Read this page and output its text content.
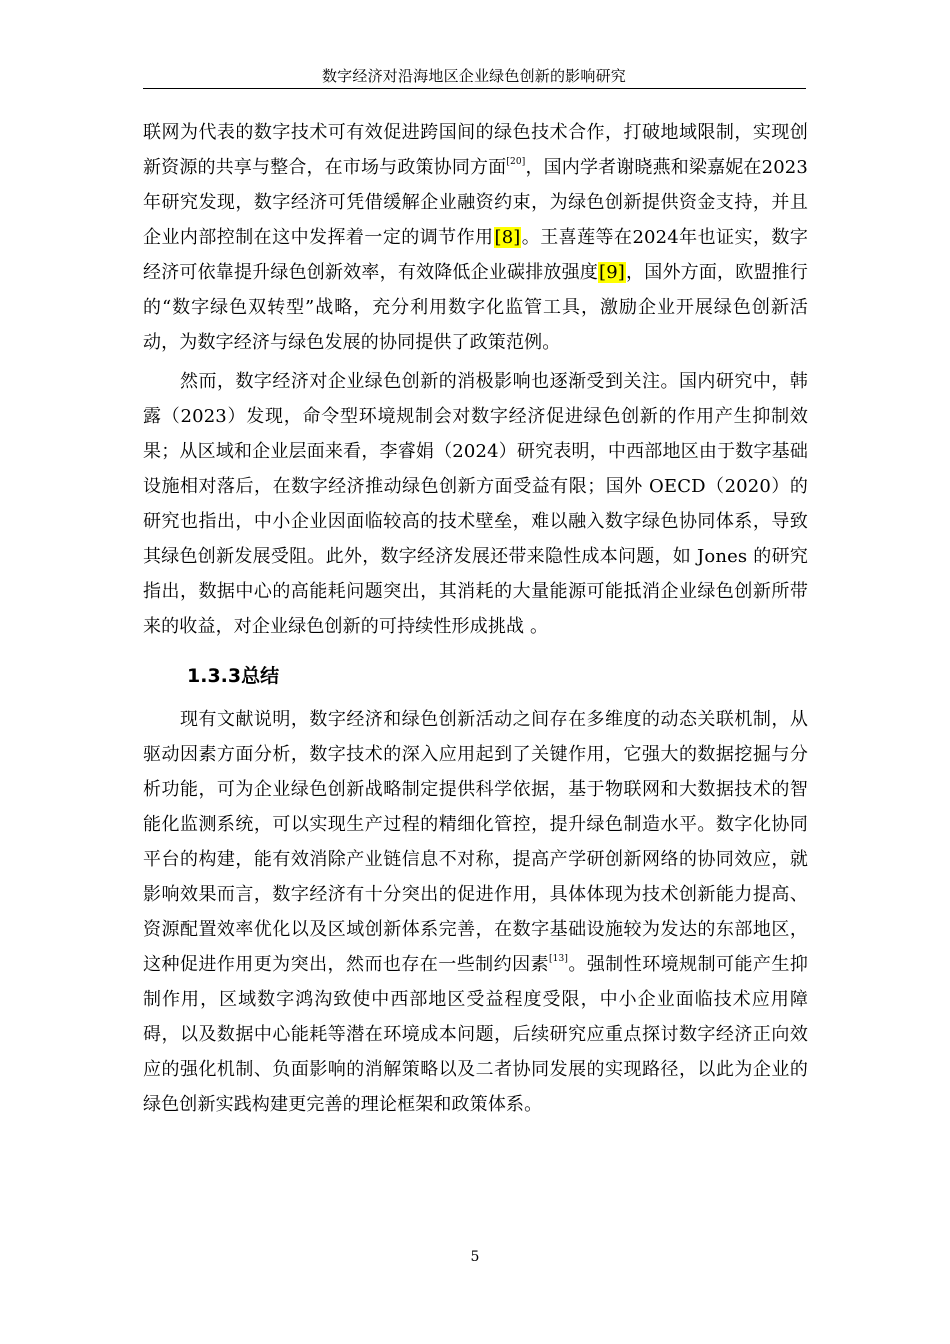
数字经济对沿海地区企业绿色创新的影响研究

联网为代表的数字技术可有效促进跨国间的绿色技术合作，打破地域限制，实现创新资源的共享与整合，在市场与政策协同方面[20]，国内学者谢晓燕和梁嘉妮在2023年研究发现，数字经济可凭借缓解企业融资约束，为绿色创新提供资金支持，并且企业内部控制在这中发挥着一定的调节作用[8]。王喜莲等在2024年也证实，数字经济可依靠提升绿色创新效率，有效降低企业碳排放强度[9]，国外方面，欧盟推行的“数字绿色双转型”战略，充分利用数字化监管工具，激励企业开展绿色创新活动，为数字经济与绿色发展的协同提供了政策范例。

然而，数字经济对企业绿色创新的消极影响也逐渐受到关注。国内研究中，韩露（2023）发现，命令型环境规制会对数字经济促进绿色创新的作用产生抑制效果；从区域和企业层面来看，李睿娟（2024）研究表明，中西部地区由于数字基础设施相对落后，在数字经济推动绿色创新方面受益有限；国外 OECD（2020）的研究也指出，中小企业因面临较高的技术壁垒，难以融入数字绿色协同体系，导致其绿色创新发展受阻。此外，数字经济发展还带来隐性成本问题，如 Jones 的研究指出，数据中心的高能耗问题突出，其消耗的大量能源可能抵消企业绿色创新所带来的收益，对企业绿色创新的可持续性形成挑战 。

1.3.3总结

现有文献说明，数字经济和绿色创新活动之间存在多维度的动态关联机制，从驱动因素方面分析，数字技术的深入应用起到了关键作用，它强大的数据挖掘与分析功能，可为企业绿色创新战略制定提供科学依据，基于物联网和大数据技术的智能化监测系统，可以实现生产过程的精细化管控，提升绿色制造水平。数字化协同平台的构建，能有效消除产业链信息不对称，提高产学研创新网络的协同效应，就影响效果而言，数字经济有十分突出的促进作用，具体体现为技术创新能力提高、资源配置效率优化以及区域创新体系完善，在数字基础设施较为发达的东部地区，这种促进作用更为突出，然而也存在一些制约因素[13]。强制性环境规制可能产生抑制作用，区域数字鸿沟致使中西部地区受益程度受限，中小企业面临技术应用障碍，以及数据中心能耗等潜在环境成本问题，后续研究应重点探讨数字经济正向效应的强化机制、负面影响的消解策略以及二者协同发展的实现路径，以此为企业的绿色创新实践构建更完善的理论框架和政策体系。

5
